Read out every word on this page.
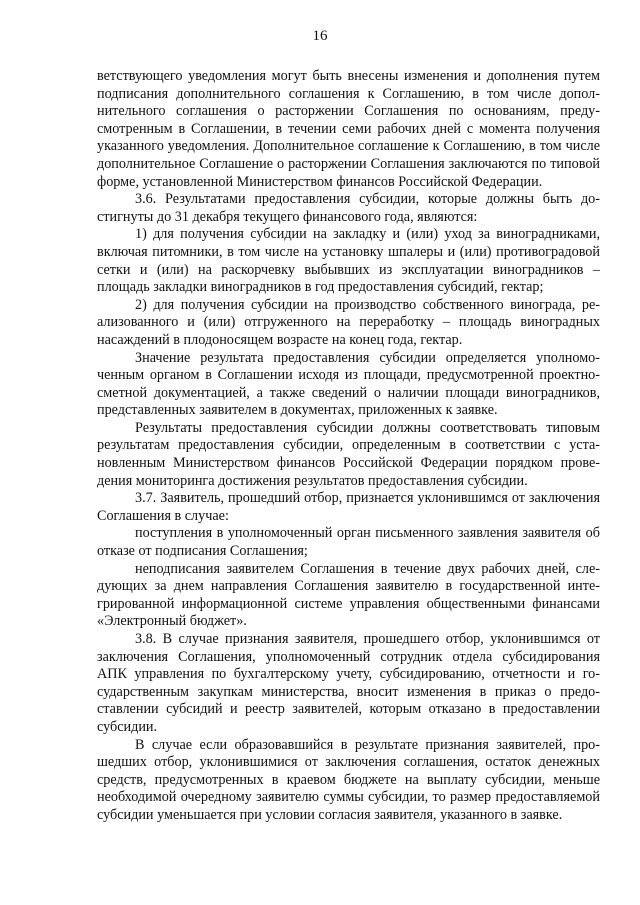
16

ветствующего уведомления могут быть внесены изменения и дополнения путем подписания дополнительного соглашения к Соглашению, в том числе дополнительного соглашения о расторжении Соглашения по основаниям, предусмотренным в Соглашении, в течении семи рабочих дней с момента получения указанного уведомления. Дополнительное соглашение к Соглашению, в том числе дополнительное Соглашение о расторжении Соглашения заключаются по типовой форме, установленной Министерством финансов Российской Федерации.

3.6. Результатами предоставления субсидии, которые должны быть достигнуты до 31 декабря текущего финансового года, являются:

1) для получения субсидии на закладку и (или) уход за виноградниками, включая питомники, в том числе на установку шпалеры и (или) противоградовой сетки и (или) на раскорчевку выбывших из эксплуатации виноградников – площадь закладки виноградников в год предоставления субсидий, гектар;

2) для получения субсидии на производство собственного винограда, реализованного и (или) отгруженного на переработку – площадь виноградных насаждений в плодоносящем возрасте на конец года, гектар.

Значение результата предоставления субсидии определяется уполномоченным органом в Соглашении исходя из площади, предусмотренной проектно-сметной документацией, а также сведений о наличии площади виноградников, представленных заявителем в документах, приложенных к заявке.

Результаты предоставления субсидии должны соответствовать типовым результатам предоставления субсидии, определенным в соответствии с установленным Министерством финансов Российской Федерации порядком проведения мониторинга достижения результатов предоставления субсидии.

3.7. Заявитель, прошедший отбор, признается уклонившимся от заключения Соглашения в случае:

поступления в уполномоченный орган письменного заявления заявителя об отказе от подписания Соглашения;

неподписания заявителем Соглашения в течение двух рабочих дней, следующих за днем направления Соглашения заявителю в государственной интегрированной информационной системе управления общественными финансами «Электронный бюджет».

3.8. В случае признания заявителя, прошедшего отбор, уклонившимся от заключения Соглашения, уполномоченный сотрудник отдела субсидирования АПК управления по бухгалтерскому учету, субсидированию, отчетности и государственным закупкам министерства, вносит изменения в приказ о предоставлении субсидий и реестр заявителей, которым отказано в предоставлении субсидии.

В случае если образовавшийся в результате признания заявителей, прошедших отбор, уклонившимися от заключения соглашения, остаток денежных средств, предусмотренных в краевом бюджете на выплату субсидии, меньше необходимой очередному заявителю суммы субсидии, то размер предоставляемой субсидии уменьшается при условии согласия заявителя, указанного в заявке.
